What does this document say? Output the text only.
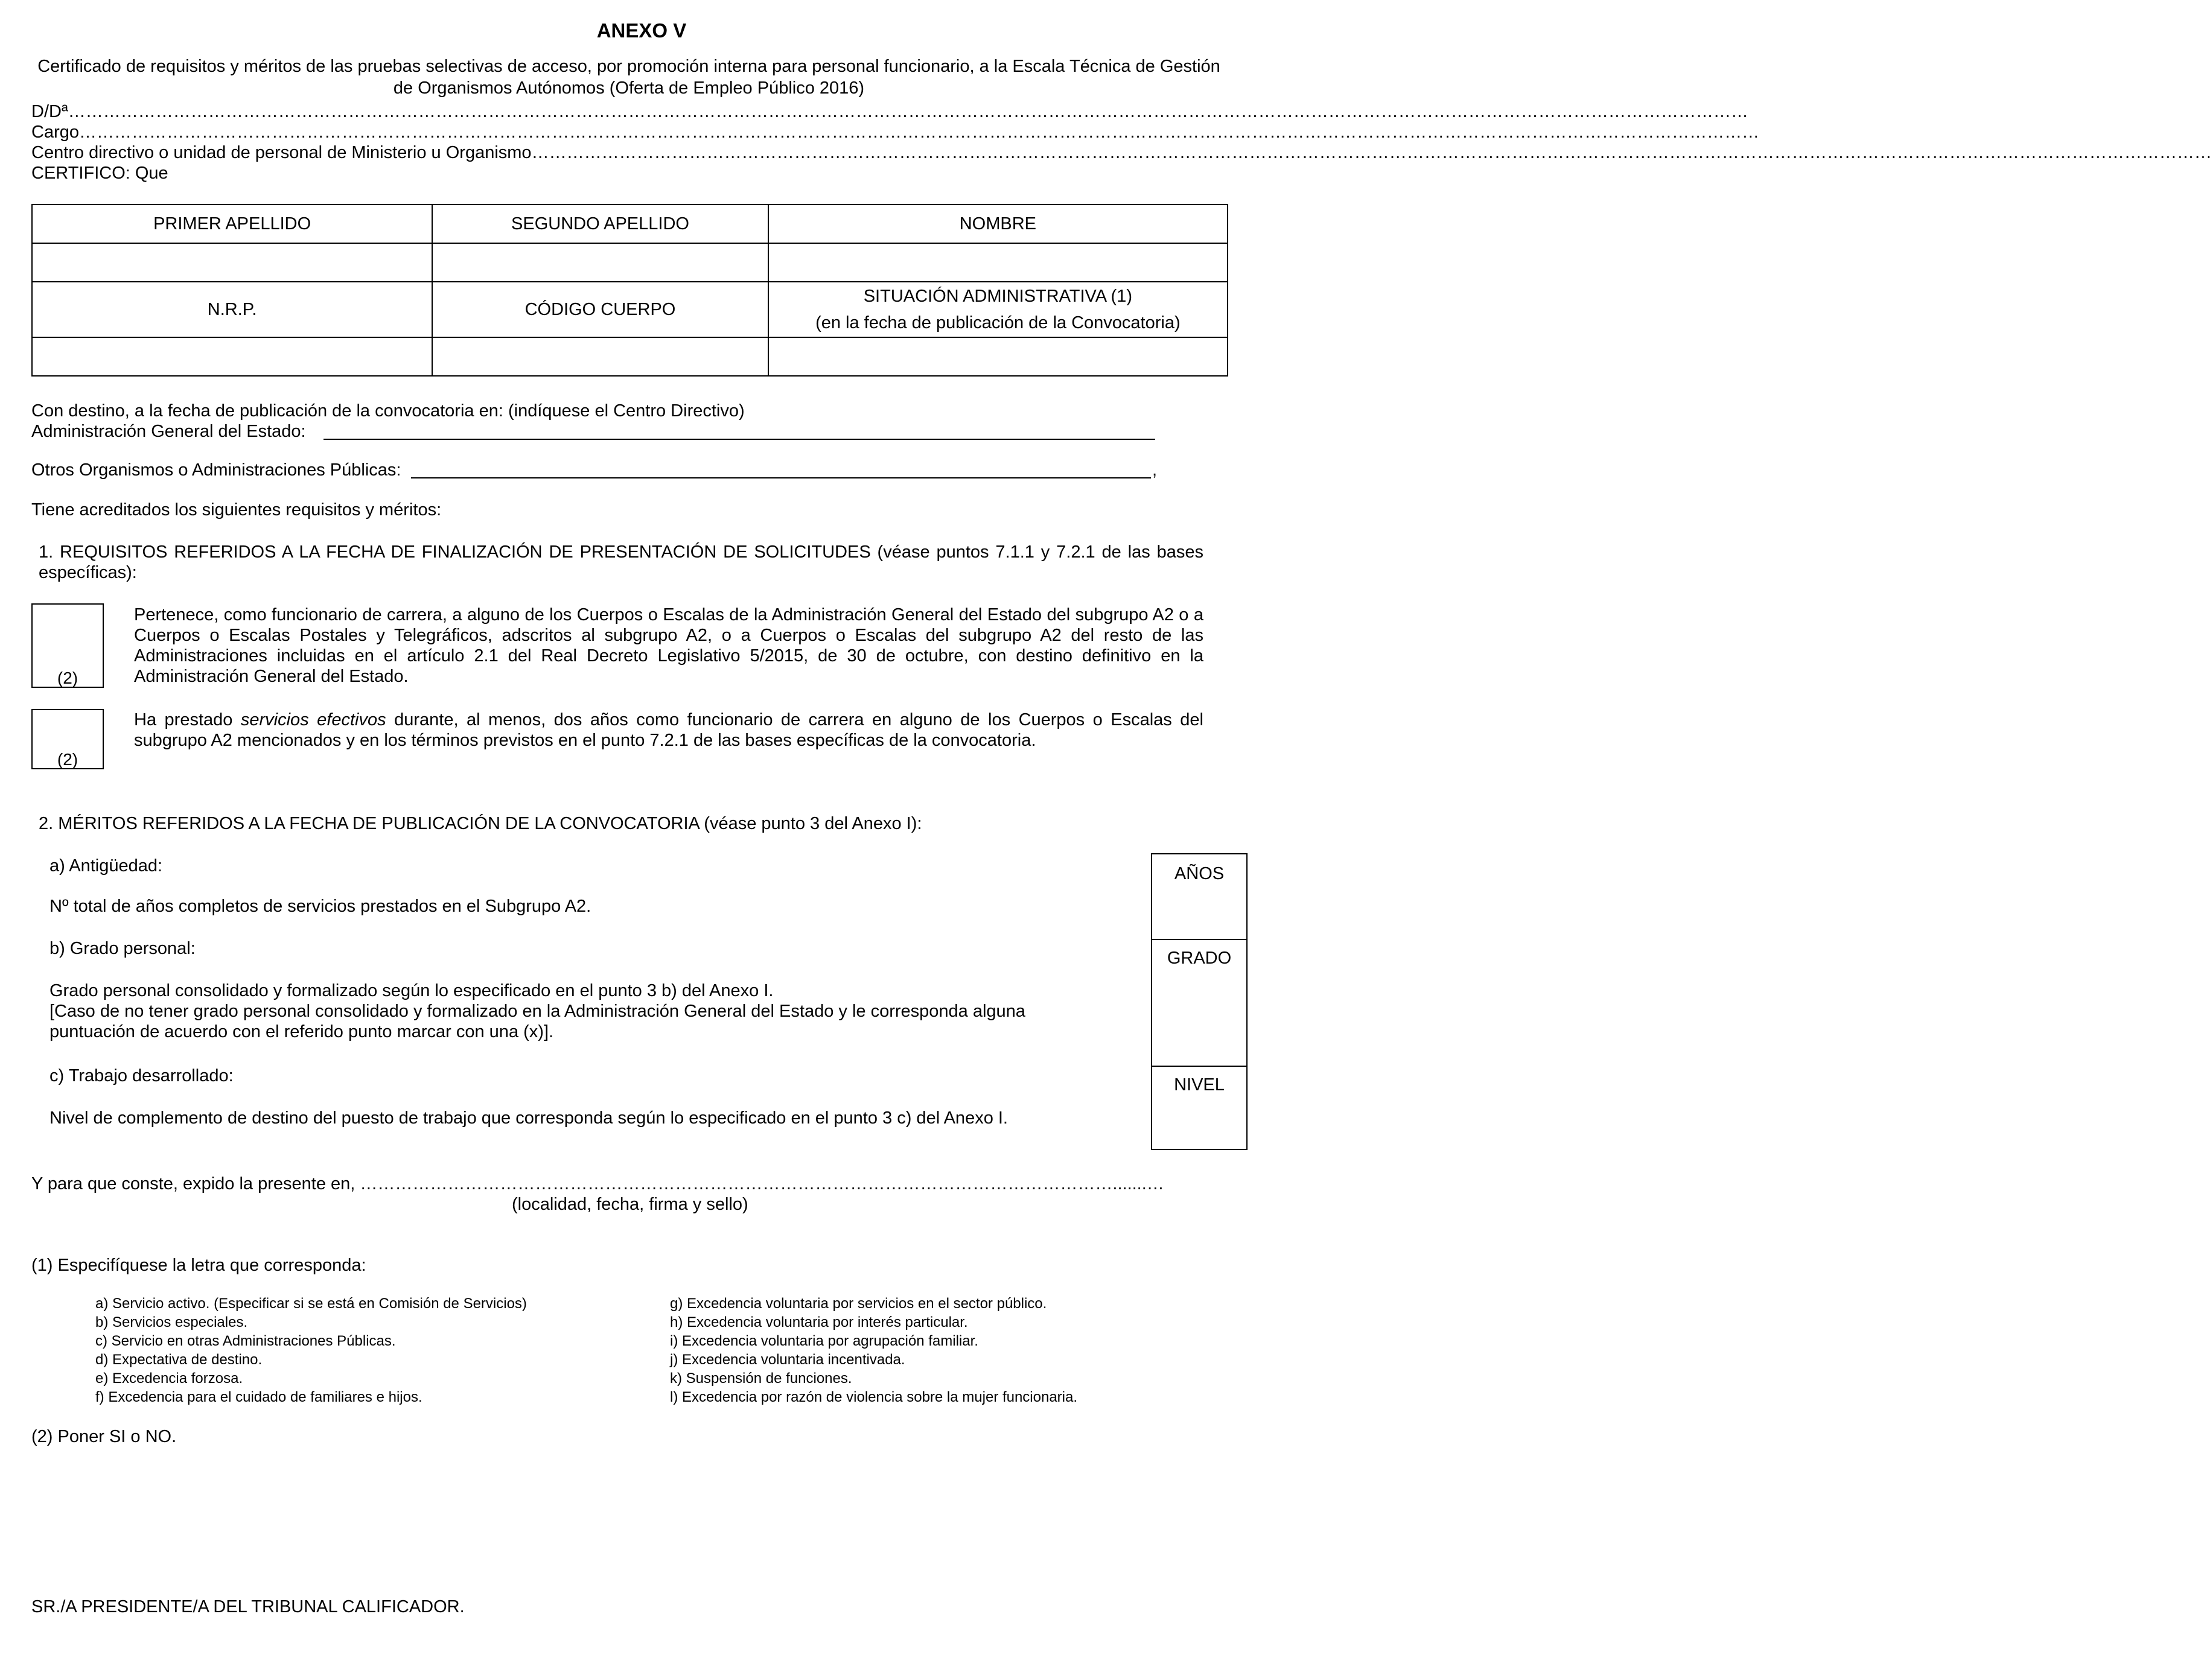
ANEXO V
Certificado de requisitos y méritos de las pruebas selectivas de acceso, por promoción interna para personal funcionario, a la Escala Técnica de Gestión de Organismos Autónomos (Oferta de Empleo Público 2016)
D/Dª………………………………………………………………………………………………………………………………………………………………………………………………………………………………………………………………
Cargo………………………………………………………………………………………………………………………………………………………………………………………………………………………………………………………………
Centro directivo o unidad de personal de Ministerio u Organismo………………………………………………………………………………………………………………………………………………………………………………………………………………………………………………………………
CERTIFICO: Que
PRIMER APELLIDO	SEGUNDO APELLIDO	NOMBRE

N.R.P.	CÓDIGO CUERPO	SITUACIÓN ADMINISTRATIVA (1)
(en la fecha de publicación de la Convocatoria)

Con destino, a la fecha de publicación de la convocatoria en: (indíquese el Centro Directivo)
Administración General del Estado:
Otros Organismos o Administraciones Públicas:	,
Tiene acreditados los siguientes requisitos y méritos:
1. REQUISITOS REFERIDOS A LA FECHA DE FINALIZACIÓN DE PRESENTACIÓN DE SOLICITUDES (véase puntos 7.1.1 y 7.2.1 de las bases específicas):
(2)
Pertenece, como funcionario de carrera, a alguno de los Cuerpos o Escalas de la Administración General del Estado del subgrupo A2 o a Cuerpos o Escalas Postales y Telegráficos, adscritos al subgrupo A2, o a Cuerpos o Escalas del subgrupo A2 del resto de las Administraciones incluidas en el artículo 2.1 del Real Decreto Legislativo 5/2015, de 30 de octubre, con destino definitivo en la Administración General del Estado.
(2)
Ha prestado servicios efectivos durante, al menos, dos años como funcionario de carrera en alguno de los Cuerpos o Escalas del subgrupo A2 mencionados y en los términos previstos en el punto 7.2.1 de las bases específicas de la convocatoria.
2. MÉRITOS REFERIDOS A LA FECHA DE PUBLICACIÓN DE LA CONVOCATORIA (véase punto 3 del Anexo I):
a) Antigüedad:
Nº total de años completos de servicios prestados en el Subgrupo A2.
b) Grado personal:
Grado personal consolidado y formalizado según lo especificado en el punto 3 b) del Anexo I.
[Caso de no tener grado personal consolidado y formalizado en la Administración General del Estado y le corresponda alguna puntuación de acuerdo con el referido punto marcar con una (x)].
c) Trabajo desarrollado:
Nivel de complemento de destino del puesto de trabajo que corresponda según lo especificado en el punto 3 c) del Anexo I.
AÑOS
GRADO
NIVEL
Y para que conste, expido la presente en, ………………………………………………………………………………………………………………….......…
(localidad, fecha, firma y sello)
(1) Especifíquese la letra que corresponda:
a) Servicio activo. (Especificar si se está en Comisión de Servicios)
b) Servicios especiales.
c) Servicio en otras Administraciones Públicas.
d) Expectativa de destino.
e) Excedencia forzosa.
f) Excedencia para el cuidado de familiares e hijos.
g) Excedencia voluntaria por servicios en el sector público.
h) Excedencia voluntaria por interés particular.
i) Excedencia voluntaria por agrupación familiar.
j) Excedencia voluntaria incentivada.
k) Suspensión de funciones.
l) Excedencia por razón de violencia sobre la mujer funcionaria.
(2) Poner SI o NO.
SR./A PRESIDENTE/A DEL TRIBUNAL CALIFICADOR.
